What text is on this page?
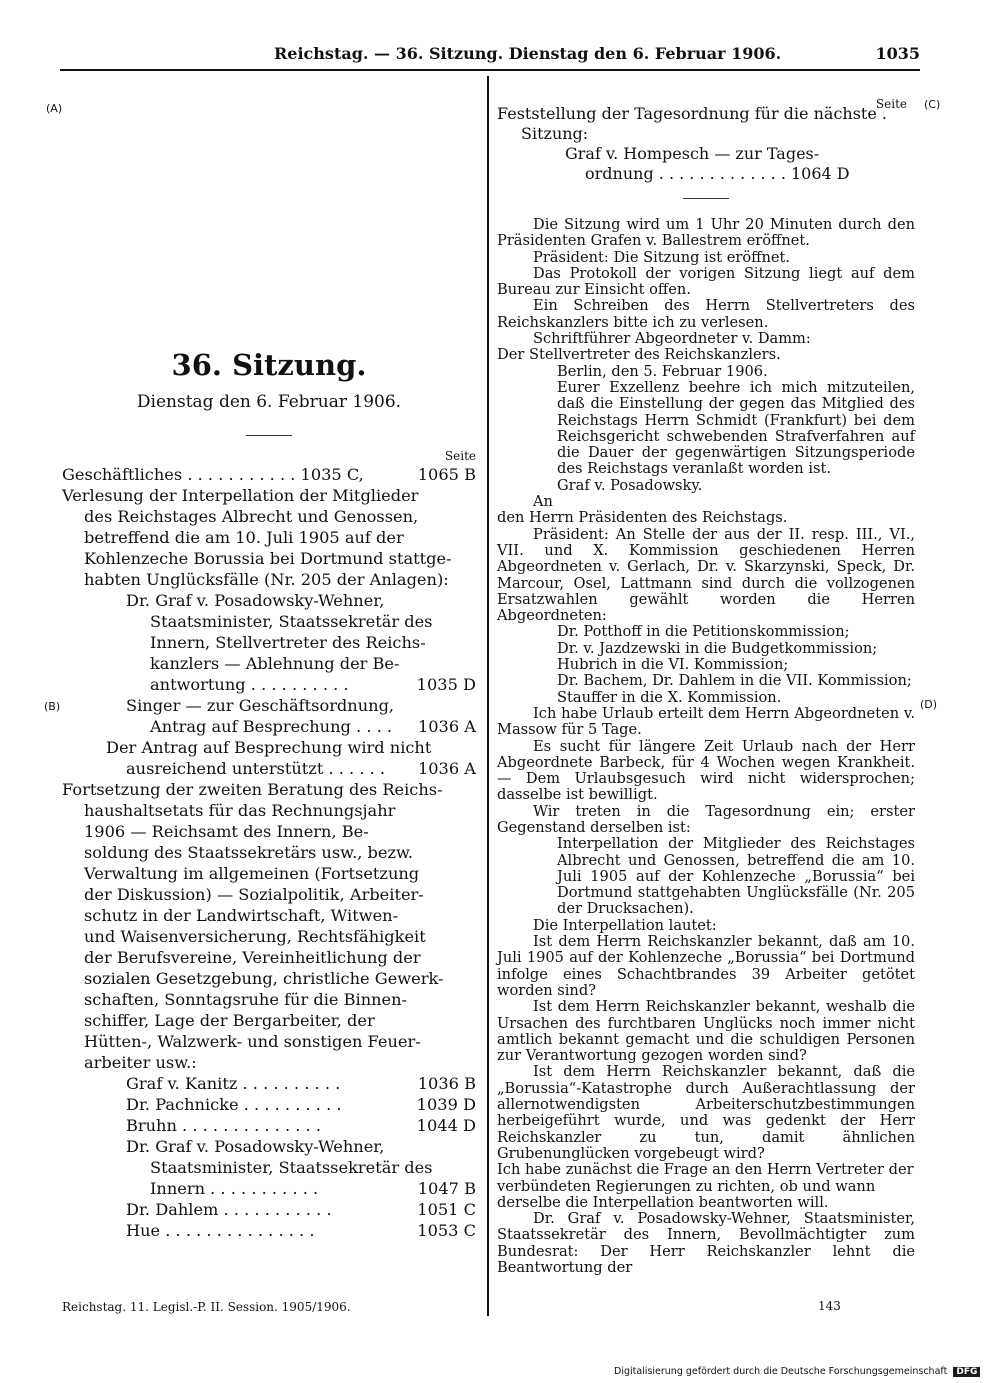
Reichstag. — 36. Sitzung. Dienstag den 6. Februar 1906.	1035
(A)
(B)
(C)
(D)
36. Sitzung.
Dienstag den 6. Februar 1906.
Seite
Geschäftliches . . . . . . . . . . . 1035 C,	1065 B
Verlesung der Interpellation der Mitglieder
des Reichstages Albrecht und Genossen,
betreffend die am 10. Juli 1905 auf der
Kohlenzeche Borussia bei Dortmund stattge-
habten Unglücksfälle (Nr. 205 der Anlagen):
Dr. Graf v. Posadowsky-Wehner,
Staatsminister, Staatssekretär des
Innern, Stellvertreter des Reichs-
kanzlers — Ablehnung der Be-
antwortung . . . . . . . . . .	1035 D
Singer — zur Geschäftsordnung,
Antrag auf Besprechung . . . . 1036 A
Der Antrag auf Besprechung wird nicht
ausreichend unterstützt . . . . . . 1036 A
Fortsetzung der zweiten Beratung des Reichs-
haushaltsetats für das Rechnungsjahr
1906 — Reichsamt des Innern, Be-
soldung des Staatssekretärs usw., bezw.
Verwaltung im allgemeinen (Fortsetzung
der Diskussion) — Sozialpolitik, Arbeiter-
schutz in der Landwirtschaft, Witwen-
und Waisenversicherung, Rechtsfähigkeit
der Berufsvereine, Vereinheitlichung der
sozialen Gesetzgebung, christliche Gewerk-
schaften, Sonntagsruhe für die Binnen-
schiffer, Lage der Bergarbeiter, der
Hütten-, Walzwerk- und sonstigen Feuer-
arbeiter usw.:
Graf v. Kanitz . . . . . . . . . .	1036 B
Dr. Pachnicke . . . . . . . . . .	1039 D
Bruhn . . . . . . . . . . . . . .	1044 D
Dr. Graf v. Posadowsky-Wehner,
Staatsminister, Staatssekretär des
Innern . . . . . . . . . . .	1047 B
Dr. Dahlem . . . . . . . . . . .	1051 C
Hue . . . . . . . . . . . . . . .	1053 C
Seite
Feststellung der Tagesordnung für die nächste .
Sitzung:
Graf v. Hompesch — zur Tages-
ordnung . . . . . . . . . . . . . 1064 D

Die Sitzung wird um 1 Uhr 20 Minuten durch den Präsidenten Grafen v. Ballestrem eröffnet.

Präsident: Die Sitzung ist eröffnet.

Das Protokoll der vorigen Sitzung liegt auf dem Bureau zur Einsicht offen.

Ein Schreiben des Herrn Stellvertreters des Reichskanzlers bitte ich zu verlesen.

Schriftführer Abgeordneter v. Damm:

Der Stellvertreter des Reichskanzlers.

Berlin, den 5. Februar 1906.

Eurer Exzellenz beehre ich mich mitzuteilen, daß die Einstellung der gegen das Mitglied des Reichstags Herrn Schmidt (Frankfurt) bei dem Reichsgericht schwebenden Strafverfahren auf die Dauer der gegenwärtigen Sitzungsperiode des Reichstags veranlaßt worden ist.

Graf v. Posadowsky.

An

den Herrn Präsidenten des Reichstags.

Präsident: An Stelle der aus der II. resp. III., VI., VII. und X. Kommission geschiedenen Herren Abgeordneten v. Gerlach, Dr. v. Skarzynski, Speck, Dr. Marcour, Osel, Lattmann sind durch die vollzogenen Ersatzwahlen gewählt worden die Herren Abgeordneten:

Dr. Potthoff in die Petitionskommission;

Dr. v. Jazdzewski in die Budgetkommission;

Hubrich in die VI. Kommission;

Dr. Bachem, Dr. Dahlem in die VII. Kommission;

Stauffer in die X. Kommission.

Ich habe Urlaub erteilt dem Herrn Abgeordneten v. Massow für 5 Tage.

Es sucht für längere Zeit Urlaub nach der Herr Abgeordnete Barbeck, für 4 Wochen wegen Krankheit. — Dem Urlaubsgesuch wird nicht widersprochen; dasselbe ist bewilligt.

Wir treten in die Tagesordnung ein; erster Gegenstand derselben ist:

Interpellation der Mitglieder des Reichstages Albrecht und Genossen, betreffend die am 10. Juli 1905 auf der Kohlenzeche „Borussia“ bei Dortmund stattgehabten Unglücksfälle (Nr. 205 der Drucksachen).

Die Interpellation lautet:

Ist dem Herrn Reichskanzler bekannt, daß am 10. Juli 1905 auf der Kohlenzeche „Borussia“ bei Dortmund infolge eines Schachtbrandes 39 Arbeiter getötet worden sind?

Ist dem Herrn Reichskanzler bekannt, weshalb die Ursachen des furchtbaren Unglücks noch immer nicht amtlich bekannt gemacht und die schuldigen Personen zur Verantwortung gezogen worden sind?

Ist dem Herrn Reichskanzler bekannt, daß die „Borussia“-Katastrophe durch Außerachtlassung der allernotwendigsten Arbeiterschutzbestimmungen herbeigeführt wurde, und was gedenkt der Herr Reichskanzler zu tun, damit ähnlichen Grubenunglücken vorgebeugt wird?

Ich habe zunächst die Frage an den Herrn Vertreter der verbündeten Regierungen zu richten, ob und wann derselbe die Interpellation beantworten will.

Dr. Graf v. Posadowsky-Wehner, Staatsminister, Staatssekretär des Innern, Bevollmächtigter zum Bundesrat: Der Herr Reichskanzler lehnt die Beantwortung der

Reichstag. 11. Legisl.-P. II. Session. 1905/1906.	143
Digitalisierung gefördert durch die Deutsche Forschungsgemeinschaft DFG
